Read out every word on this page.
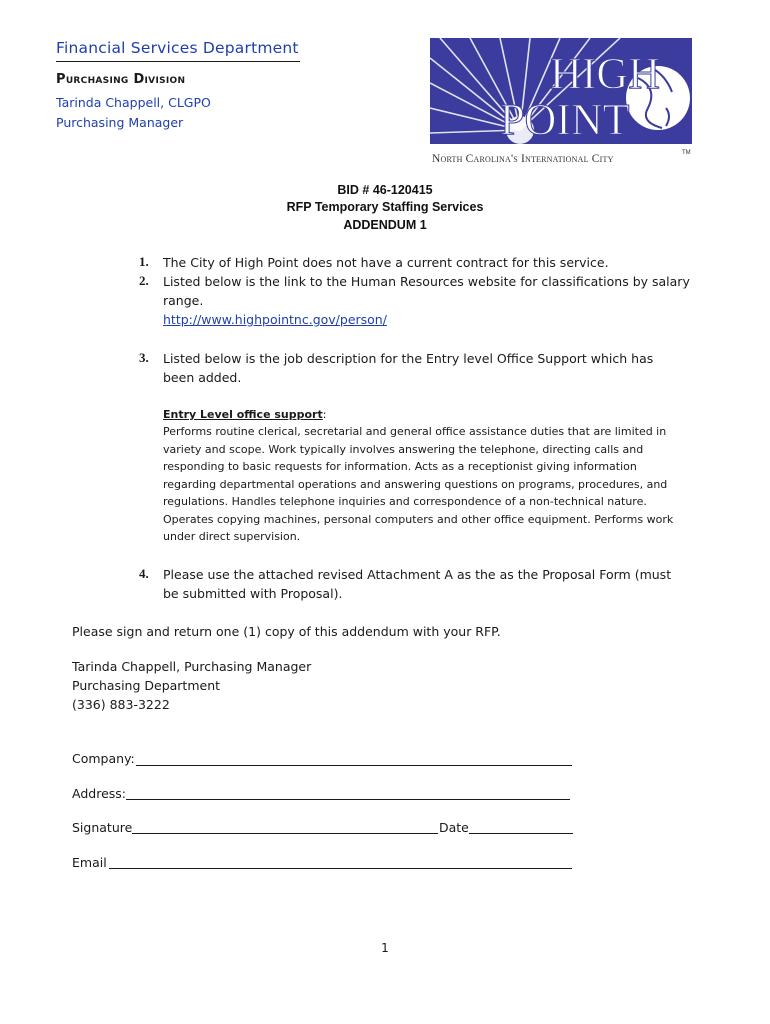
Financial Services Department
Purchasing Division
Tarinda Chappell, CLGPO
Purchasing Manager
HIGH
POINT
North Carolina's International City	TM
BID # 46-120415
RFP Temporary Staffing Services
ADDENDUM 1
1. The City of High Point does not have a current contract for this service.
2. Listed below is the link to the Human Resources website for classifications by salary
range.
http://www.highpointnc.gov/person/
3. Listed below is the job description for the Entry level Office Support which has
been added.
Entry Level office support:
Performs routine clerical, secretarial and general office assistance duties that are limited in
variety and scope. Work typically involves answering the telephone, directing calls and
responding to basic requests for information. Acts as a receptionist giving information
regarding departmental operations and answering questions on programs, procedures, and
regulations. Handles telephone inquiries and correspondence of a non-technical nature.
Operates copying machines, personal computers and other office equipment. Performs work
under direct supervision.
4. Please use the attached revised Attachment A as the as the Proposal Form (must
be submitted with Proposal).
Please sign and return one (1) copy of this addendum with your RFP.
Tarinda Chappell, Purchasing Manager
Purchasing Department
(336) 883-3222
Company:
Address:
Signature	Date
Email
1
